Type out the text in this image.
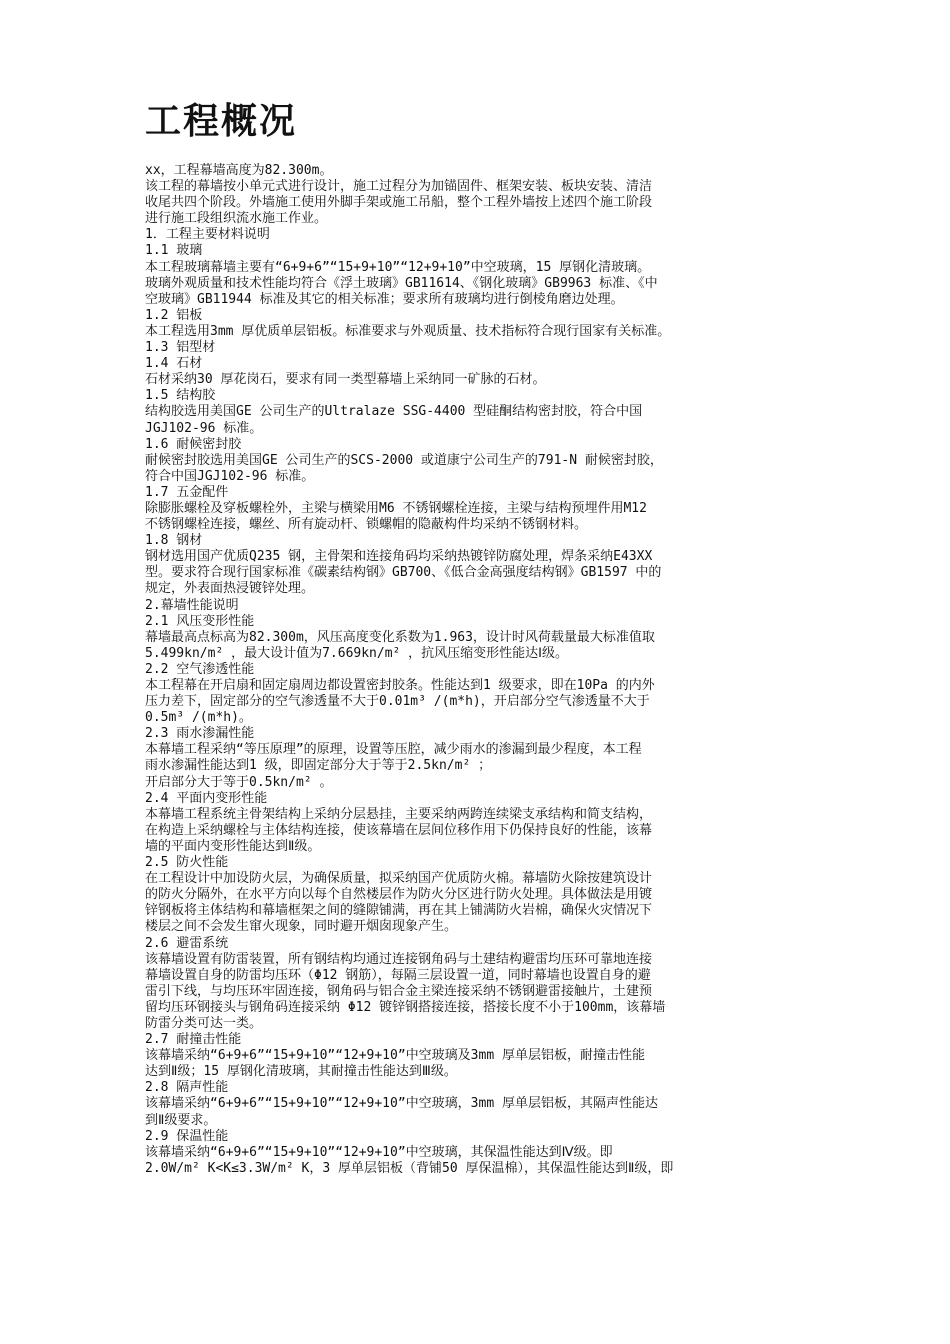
工程概况

xx，工程幕墙高度为82.300m。

该工程的幕墙按小单元式进行设计，施工过程分为加锚固件、框架安装、板块安装、清洁

收尾共四个阶段。外墙施工使用外脚手架或施工吊船，整个工程外墙按上述四个施工阶段

进行施工段组织流水施工作业。

1．工程主要材料说明

1.1 玻璃

本工程玻璃幕墙主要有“6+9+6”“15+9+10”“12+9+10”中空玻璃，15 厚钢化清玻璃。

玻璃外观质量和技术性能均符合《浮土玻璃》GB11614、《钢化玻璃》GB9963 标准、《中

空玻璃》GB11944 标准及其它的相关标准；要求所有玻璃均进行倒棱角磨边处理。

1.2 铝板

本工程选用3mm 厚优质单层铝板。标准要求与外观质量、技术指标符合现行国家有关标准。

1.3 铝型材

1.4 石材

石材采纳30 厚花岗石，要求有同一类型幕墙上采纳同一矿脉的石材。

1.5 结构胶

结构胶选用美国GE 公司生产的Ultralaze SSG-4400 型硅酮结构密封胶，符合中国

JGJ102-96 标准。

1.6 耐候密封胶

耐候密封胶选用美国GE 公司生产的SCS-2000 或道康宁公司生产的791-N 耐候密封胶，

符合中国JGJ102-96 标准。

1.7 五金配件

除膨胀螺栓及穿板螺栓外，主梁与横梁用M6 不锈钢螺栓连接，主梁与结构预埋件用M12

不锈钢螺栓连接，螺丝、所有旋动杆、锁螺帽的隐蔽构件均采纳不锈钢材料。

1.8 钢材

钢材选用国产优质Q235 钢，主骨架和连接角码均采纳热镀锌防腐处理，焊条采纳E43XX

型。要求符合现行国家标准《碳素结构钢》GB700、《低合金高强度结构钢》GB1597 中的

规定，外表面热浸镀锌处理。

2.幕墙性能说明

2.1 风压变形性能

幕墙最高点标高为82.300m，风压高度变化系数为1.963，设计时风荷载量最大标准值取

5.499kn/m² ，最大设计值为7.669kn/m² ，抗风压缩变形性能达Ⅰ级。

2.2 空气渗透性能

本工程幕在开启扇和固定扇周边都设置密封胶条。性能达到1 级要求，即在10Pa 的内外

压力差下，固定部分的空气渗透量不大于0.01m³ /(m*h)，开启部分空气渗透量不大于

0.5m³ /(m*h)。

2.3 雨水渗漏性能

本幕墙工程采纳“等压原理”的原理，设置等压腔，减少雨水的渗漏到最少程度，本工程

雨水渗漏性能达到1 级，即固定部分大于等于2.5kn/m² ；

开启部分大于等于0.5kn/m² 。

2.4 平面内变形性能

本幕墙工程系统主骨架结构上采纳分层悬挂，主要采纳两跨连续梁支承结构和简支结构，

在构造上采纳螺栓与主体结构连接，使该幕墙在层间位移作用下仍保持良好的性能，该幕

墙的平面内变形性能达到Ⅱ级。

2.5 防火性能

在工程设计中加设防火层，为确保质量，拟采纳国产优质防火棉。幕墙防火除按建筑设计

的防火分隔外，在水平方向以每个自然楼层作为防火分区进行防火处理。具体做法是用镀

锌钢板将主体结构和幕墙框架之间的缝隙铺满，再在其上铺满防火岩棉，确保火灾情况下

楼层之间不会发生窜火现象，同时避开烟囱现象产生。

2.6 避雷系统

该幕墙设置有防雷装置，所有钢结构均通过连接钢角码与土建结构避雷均压环可靠地连接

幕墙设置自身的防雷均压环（Φ12 钢筋），每隔三层设置一道，同时幕墙也设置自身的避

雷引下线，与均压环牢固连接，钢角码与铝合金主梁连接采纳不锈钢避雷接触片，土建预

留均压环钢接头与钢角码连接采纳 Φ12 镀锌钢搭接连接，搭接长度不小于100mm，该幕墙

防雷分类可达一类。

2.7 耐撞击性能

该幕墙采纳“6+9+6”“15+9+10”“12+9+10”中空玻璃及3mm 厚单层铝板，耐撞击性能

达到Ⅱ级；15 厚钢化清玻璃，其耐撞击性能达到Ⅲ级。

2.8 隔声性能

该幕墙采纳“6+9+6”“15+9+10”“12+9+10”中空玻璃，3mm 厚单层铝板，其隔声性能达

到Ⅱ级要求。

2.9 保温性能

该幕墙采纳“6+9+6”“15+9+10”“12+9+10”中空玻璃，其保温性能达到Ⅳ级。即

2.0W/m² K<K≤3.3W/m² K，3 厚单层铝板（背铺50 厚保温棉），其保温性能达到Ⅱ级，即
